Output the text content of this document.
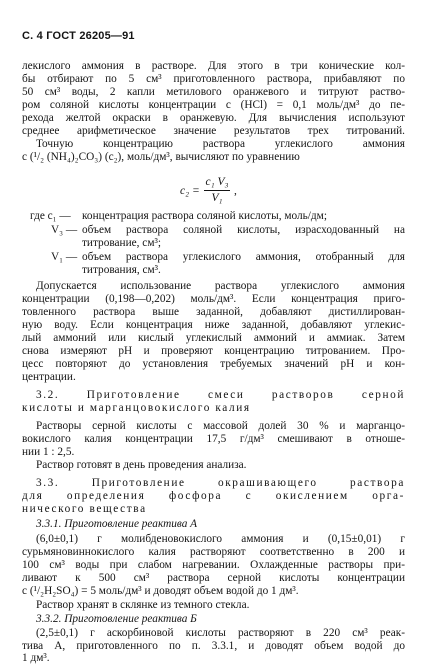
С. 4 ГОСТ 26205—91
лекислого аммония в растворе. Для этого в три конические кол-
бы отбирают по 5 см³ приготовленного раствора, прибавляют по
50 см³ воды, 2 капли метилового оранжевого и титруют раство-
ром соляной кислоты концентрации c (HCl) = 0,1 моль/дм³ до пе-
рехода желтой окраски в оранжевую. Для вычисления используют
среднее арифметическое значение результатов трех титрований.
Точную концентрацию раствора углекислого аммония
c (¹/₂ (NH₄)₂CO₃) (c₂), моль/дм³, вычисляют по уравнению
c₂ =
c₁ V₃
V₁
,
где c₁ — концентрация раствора соляной кислоты, моль/дм;
V₃ — объем раствора соляной кислоты, израсходованный на
титрование, см³;
V₁ — объем раствора углекислого аммония, отобранный для
титрования, см³.
Допускается использование раствора углекислого аммония
концентрации (0,198—0,202) моль/дм³. Если концентрация приго-
товленного раствора выше заданной, добавляют дистиллирован-
ную воду. Если концентрация ниже заданной, добавляют углекис-
лый аммоний или кислый углекислый аммоний и аммиак. Затем
снова измеряют pH и проверяют концентрацию титрованием. Про-
цесс повторяют до установления требуемых значений pH и кон-
центрации.
3.2. Приготовление смеси растворов серной
кислоты и марганцовокислого калия
Растворы серной кислоты с массовой долей 30 % и марганцо-
вокислого калия концентрации 17,5 г/дм³ смешивают в отноше-
нии 1 : 2,5.
Раствор готовят в день проведения анализа.
3.3. Приготовление окрашивающего раствора
для определения фосфора с окислением орга-
нического вещества
3.3.1. Приготовление реактива А
(6,0±0,1) г молибденовокислого аммония и (0,15±0,01) г
сурьмяновиннокислого калия растворяют соответственно в 200 и
100 см³ воды при слабом нагревании. Охлажденные растворы при-
ливают к 500 см³ раствора серной кислоты концентрации
c (¹/₂H₂SO₄) = 5 моль/дм³ и доводят объем водой до 1 дм³.
Раствор хранят в склянке из темного стекла.
3.3.2. Приготовление реактива Б
(2,5±0,1) г аскорбиновой кислоты растворяют в 220 см³ реак-
тива А, приготовленного по п. 3.3.1, и доводят объем водой до
1 дм³.
